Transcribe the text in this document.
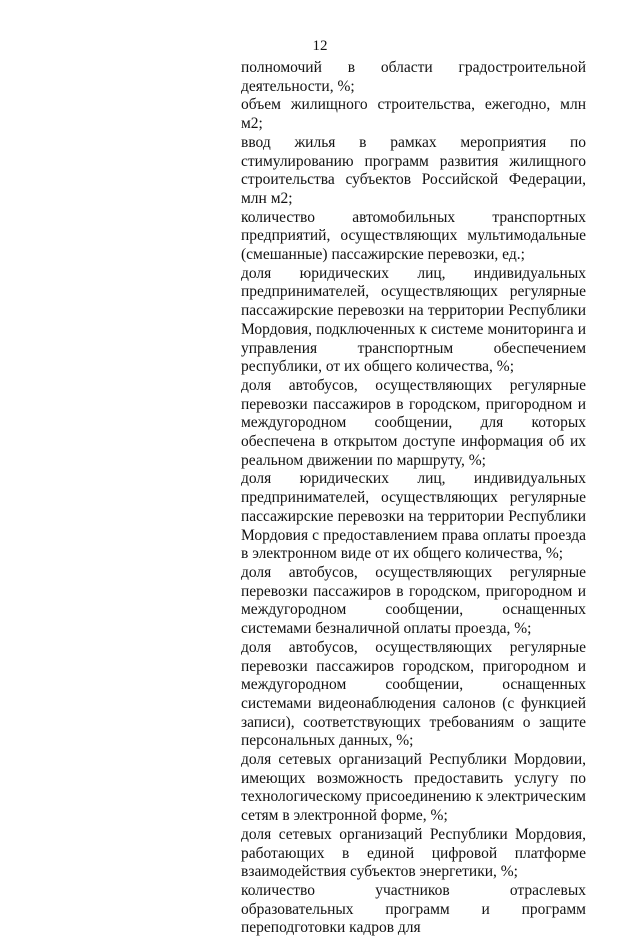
12

полномочий в области градостроительной деятельности, %;

объем жилищного строительства, ежегодно, млн м2;

ввод жилья в рамках мероприятия по стимулированию программ развития жилищного строительства субъектов Российской Федерации, млн м2;

количество автомобильных транспортных предприятий, осуществляющих мультимодальные (смешанные) пассажирские перевозки, ед.;

доля юридических лиц, индивидуальных предпринимателей, осуществляющих регулярные пассажирские перевозки на территории Республики Мордовия, подключенных к системе мониторинга и управления транспортным обеспечением республики, от их общего количества, %;

доля автобусов, осуществляющих регулярные перевозки пассажиров в городском, пригородном и междугородном сообщении, для которых обеспечена в открытом доступе информация об их реальном движении по маршруту, %;

доля юридических лиц, индивидуальных предпринимателей, осуществляющих регулярные пассажирские перевозки на территории Республики Мордовия с предоставлением права оплаты проезда в электронном виде от их общего количества, %;

доля автобусов, осуществляющих регулярные перевозки пассажиров в городском, пригородном и междугородном сообщении, оснащенных системами безналичной оплаты проезда, %;

доля автобусов, осуществляющих регулярные перевозки пассажиров городском, пригородном и междугородном сообщении, оснащенных системами видеонаблюдения салонов (с функцией записи), соответствующих требованиям о защите персональных данных, %;

доля сетевых организаций Республики Мордовии, имеющих возможность предоставить услугу по технологическому присоединению к электрическим сетям в электронной форме, %;

доля сетевых организаций Республики Мордовия, работающих в единой цифровой платформе взаимодействия субъектов энергетики, %;

количество участников отраслевых образовательных программ и программ переподготовки кадров для
